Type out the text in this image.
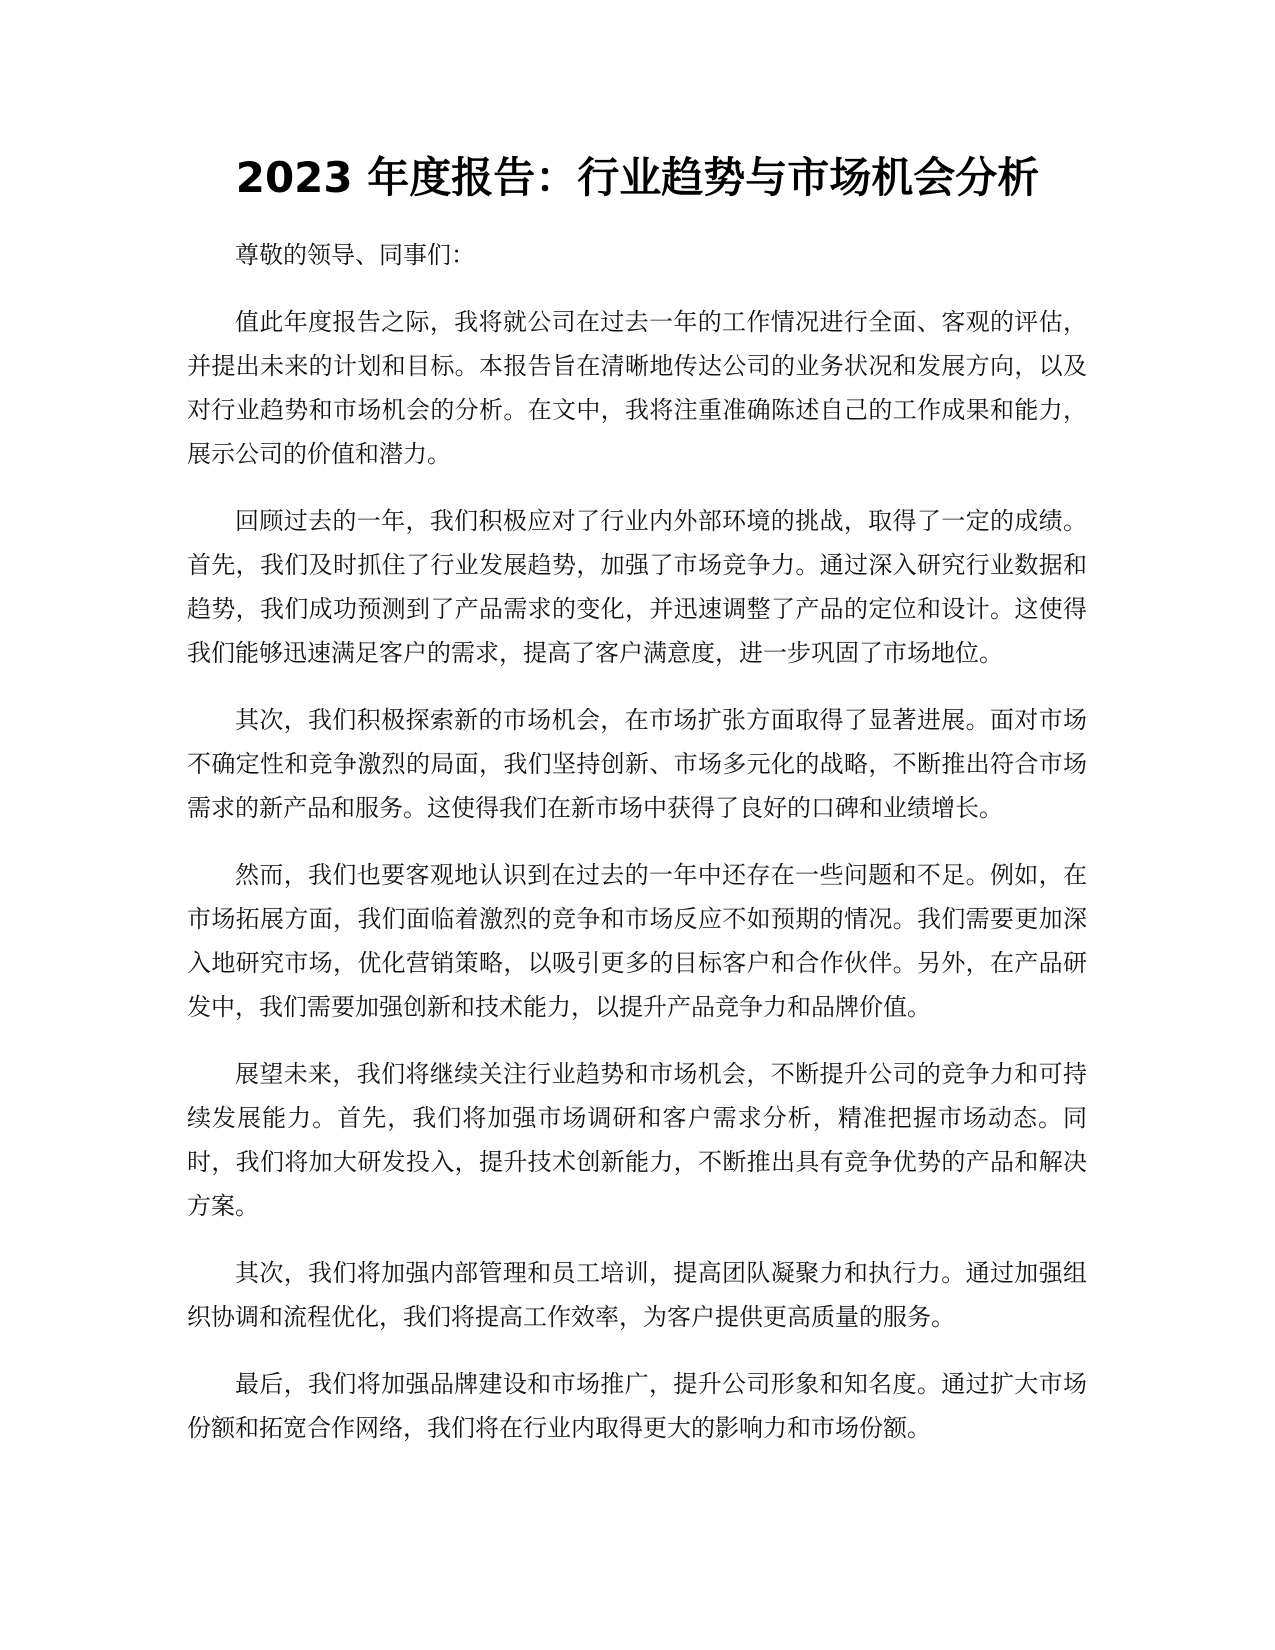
2023 年度报告：行业趋势与市场机会分析

尊敬的领导、同事们：

值此年度报告之际，我将就公司在过去一年的工作情况进行全面、客观的评估，并提出未来的计划和目标。本报告旨在清晰地传达公司的业务状况和发展方向，以及对行业趋势和市场机会的分析。在文中，我将注重准确陈述自己的工作成果和能力，展示公司的价值和潜力。

回顾过去的一年，我们积极应对了行业内外部环境的挑战，取得了一定的成绩。首先，我们及时抓住了行业发展趋势，加强了市场竞争力。通过深入研究行业数据和趋势，我们成功预测到了产品需求的变化，并迅速调整了产品的定位和设计。这使得我们能够迅速满足客户的需求，提高了客户满意度，进一步巩固了市场地位。

其次，我们积极探索新的市场机会，在市场扩张方面取得了显著进展。面对市场不确定性和竞争激烈的局面，我们坚持创新、市场多元化的战略，不断推出符合市场需求的新产品和服务。这使得我们在新市场中获得了良好的口碑和业绩增长。

然而，我们也要客观地认识到在过去的一年中还存在一些问题和不足。例如，在市场拓展方面，我们面临着激烈的竞争和市场反应不如预期的情况。我们需要更加深入地研究市场，优化营销策略，以吸引更多的目标客户和合作伙伴。另外，在产品研发中，我们需要加强创新和技术能力，以提升产品竞争力和品牌价值。

展望未来，我们将继续关注行业趋势和市场机会，不断提升公司的竞争力和可持续发展能力。首先，我们将加强市场调研和客户需求分析，精准把握市场动态。同时，我们将加大研发投入，提升技术创新能力，不断推出具有竞争优势的产品和解决方案。

其次，我们将加强内部管理和员工培训，提高团队凝聚力和执行力。通过加强组织协调和流程优化，我们将提高工作效率，为客户提供更高质量的服务。

最后，我们将加强品牌建设和市场推广，提升公司形象和知名度。通过扩大市场份额和拓宽合作网络，我们将在行业内取得更大的影响力和市场份额。
